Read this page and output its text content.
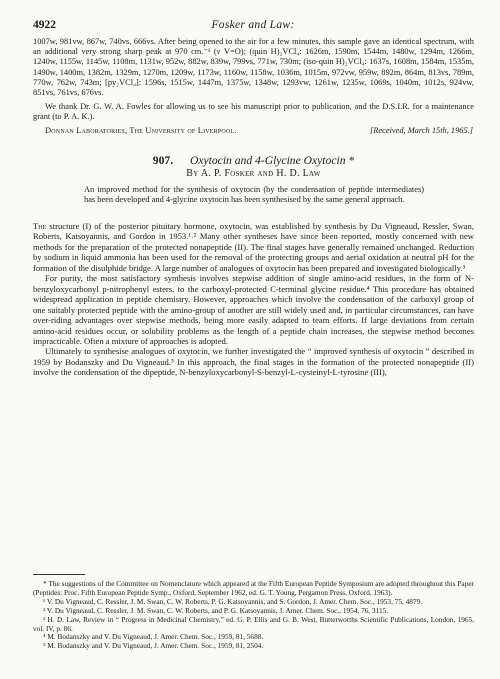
4922	Fosker and Law:
1007w, 981vw, 867w, 740vs, 666vs. After being opened to the air for a few minutes, this sample gave an identical spectrum, with an additional very strong sharp peak at 970 cm.⁻¹ (ν V=O); (quin H)₂VCl₄: 1626m, 1590m, 1544m, 1480w, 1294m, 1266m, 1240w, 1155w, 1145w, 1108m, 1131w, 952w, 882w, 839w, 799vs, 771w, 730m; (iso-quin H)₂VCl₄: 1637s, 1608m, 1584m, 1535m, 1490w, 1400m, 1382m, 1329m, 1270m, 1209w, 1173w, 1160w, 1158w, 1036m, 1015m, 972vw, 959w, 892m, 864m, 813vs, 789m, 770w, 762w, 743m; [py₂VCl₄]: 1596s, 1515w, 1447m, 1375w, 1348w, 1293vw, 1261w, 1235w, 1069s, 1040m, 1012s, 924vw, 851vs, 761vs, 676vs.
We thank Dr. G. W. A. Fowles for allowing us to see his manuscript prior to publication, and the D.S.I.R. for a maintenance grant (to P. A. K.).
Donnan Laboratories, The University of Liverpool.	[Received, March 15th, 1965.]
907. Oxytocin and 4-Glycine Oxytocin *
By A. P. Fosker and H. D. Law
An improved method for the synthesis of oxytocin (by the condensation of peptide intermediates) has been developed and 4-glycine oxytocin has been synthesised by the same general approach.

The structure (I) of the posterior pituitary hormone, oxytocin, was established by synthesis by Du Vigneaud, Ressler, Swan, Roberts, Katsoyannis, and Gordon in 1953.¹˒² Many other syntheses have since been reported, mostly concerned with new methods for the preparation of the protected nonapeptide (II). The final stages have generally remained unchanged. Reduction by sodium in liquid ammonia has been used for the removal of the protecting groups and aerial oxidation at neutral pH for the formation of the disulphide bridge. A large number of analogues of oxytocin has been prepared and investigated biologically.³

For purity, the most satisfactory synthesis involves stepwise addition of single amino-acid residues, in the form of N-benzyloxycarbonyl p-nitrophenyl esters, to the carboxyl-protected C-terminal glycine residue.⁴ This procedure has obtained widespread application in peptide chemistry. However, approaches which involve the condensation of the carboxyl group of one suitably protected peptide with the amino-group of another are still widely used and, in particular circumstances, can have over-riding advantages over stepwise methods, being more easily adapted to team efforts. If large deviations from certain amino-acid residues occur, or solubility problems as the length of a peptide chain increases, the stepwise method becomes impracticable. Often a mixture of approaches is adopted.

Ultimately to synthesise analogues of oxytocin, we further investigated the “ improved synthesis of oxytocin ” described in 1959 by Bodanszky and Du Vigneaud.⁵ In this approach, the final stages in the formation of the protected nonapeptide (II) involve the condensation of the dipeptide, N-benzyloxycarbonyl-S-benzyl-L-cysteinyl-L-tyrosine (III),

* The suggestions of the Committee on Nomenclature which appeared at the Fifth European Peptide Symposium are adopted throughout this Paper (Peptides: Proc. Fifth European Peptide Symp., Oxford, September 1962, ed. G. T. Young, Pergamon Press, Oxford, 1963).

¹ V. Du Vigneaud, C. Ressler, J. M. Swan, C. W. Roberts, P. G. Katsoyannis, and S. Gordon, J. Amer. Chem. Soc., 1953, 75, 4879.

² V. Du Vigneaud, C. Ressler, J. M. Swan, C. W. Roberts, and P. G. Katsoyannis, J. Amer. Chem. Soc., 1954, 76, 3115.

³ H. D. Law, Review in “ Progress in Medicinal Chemistry,” ed. G. P. Ellis and G. B. West, Butterworths Scientific Publications, London, 1965, vol. IV, p. 86.

⁴ M. Bodanszky and V. Du Vigneaud, J. Amer. Chem. Soc., 1959, 81, 5688.

⁵ M. Bodanszky and V. Du Vigneaud, J. Amer. Chem. Soc., 1959, 81, 2504.
